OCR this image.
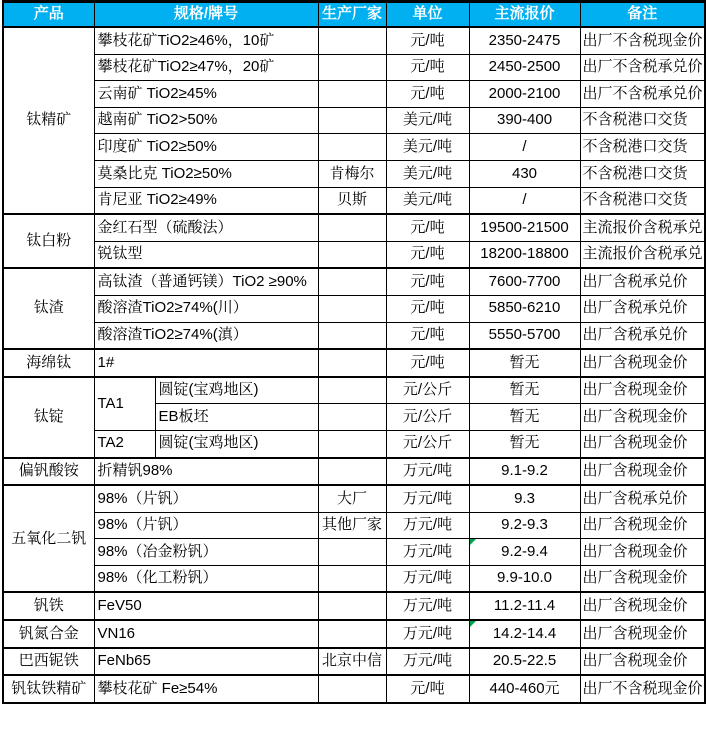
产品	规格/牌号		生产厂家	单位	主流报价	备注
钛精矿	攀枝花矿TiO2≥46%，10矿			元/吨	2350-2475	出厂不含税现金价
	攀枝花矿TiO2≥47%，20矿			元/吨	2450-2500	出厂不含税承兑价
	云南矿 TiO2≥45%			元/吨	2000-2100	出厂不含税承兑价
	越南矿 TiO2>50%			美元/吨	390-400	不含税港口交货
	印度矿 TiO2≥50%			美元/吨	/	不含税港口交货
	莫桑比克 TiO2≥50%		肯梅尔	美元/吨	430	不含税港口交货
	肯尼亚 TiO2≥49%		贝斯	美元/吨	/	不含税港口交货
钛白粉	金红石型（硫酸法）			元/吨	19500-21500	主流报价含税承兑
	锐钛型			元/吨	18200-18800	主流报价含税承兑
钛渣	高钛渣（普通钙镁）TiO2 ≥90%			元/吨	7600-7700	出厂含税承兑价
	酸溶渣TiO2≥74%(川）			元/吨	5850-6210	出厂含税承兑价
	酸溶渣TiO2≥74%(滇）			元/吨	5550-5700	出厂含税承兑价
海绵钛	1#			元/吨	暂无	出厂含税现金价
钛锭	TA1	圆锭(宝鸡地区)		元/公斤	暂无	出厂含税现金价
		EB板坯		元/公斤	暂无	出厂含税现金价
	TA2	圆锭(宝鸡地区)		元/公斤	暂无	出厂含税现金价
偏钒酸铵	折精钒98%			万元/吨	9.1-9.2	出厂含税现金价
五氧化二钒	98%（片钒）		大厂	万元/吨	9.3	出厂含税承兑价
	98%（片钒）		其他厂家	万元/吨	9.2-9.3	出厂含税现金价
	98%（冶金粉钒）			万元/吨	9.2-9.4	出厂含税现金价
	98%（化工粉钒）			万元/吨	9.9-10.0	出厂含税现金价
钒铁	FeV50			万元/吨	11.2-11.4	出厂含税现金价
钒氮合金	VN16			万元/吨	14.2-14.4	出厂含税现金价
巴西铌铁	FeNb65		北京中信	万元/吨	20.5-22.5	出厂含税现金价
钒钛铁精矿	攀枝花矿 Fe≥54%			元/吨	440-460元	出厂不含税现金价
